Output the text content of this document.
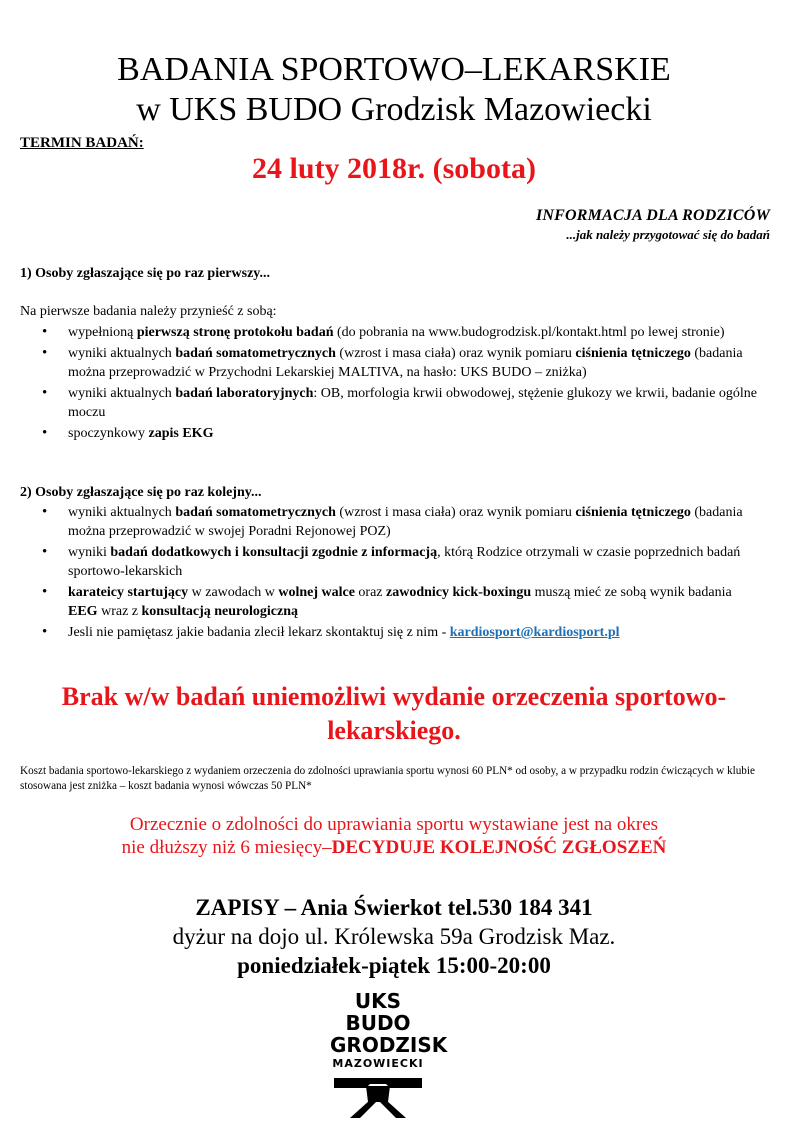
BADANIA SPORTOWO–LEKARSKIE
w UKS BUDO Grodzisk Mazowiecki
TERMIN BADAŃ:
24 luty 2018r. (sobota)
INFORMACJA DLA RODZICÓW
...jak należy przygotować się do badań
1) Osoby zgłaszające się po raz pierwszy...
Na pierwsze badania należy przynieść z sobą:
• wypełnioną pierwszą stronę protokołu badań (do pobrania na www.budogrodzisk.pl/kontakt.html po lewej stronie)
• wyniki aktualnych badań somatometrycznych (wzrost i masa ciała) oraz wynik pomiaru ciśnienia tętniczego (badania można przeprowadzić w Przychodni Lekarskiej MALTIVA, na hasło: UKS BUDO – zniżka)
• wyniki aktualnych badań laboratoryjnych: OB, morfologia krwii obwodowej, stężenie glukozy we krwii, badanie ogólne moczu
• spoczynkowy zapis EKG
2) Osoby zgłaszające się po raz kolejny...
• wyniki aktualnych badań somatometrycznych (wzrost i masa ciała) oraz wynik pomiaru ciśnienia tętniczego (badania można przeprowadzić w swojej Poradni Rejonowej POZ)
• wyniki badań dodatkowych i konsultacji zgodnie z informacją, którą Rodzice otrzymali w czasie poprzednich badań sportowo-lekarskich
• karateicy startujący w zawodach w wolnej walce oraz zawodnicy kick-boxingu muszą mieć ze sobą wynik badania EEG wraz z konsultacją neurologiczną
• Jesli nie pamiętasz jakie badania zlecił lekarz skontaktuj się z nim - kardiosport@kardiosport.pl
Brak w/w badań uniemożliwi wydanie orzeczenia sportowo-lekarskiego.
Koszt badania sportowo-lekarskiego z wydaniem orzeczenia do zdolności uprawiania sportu wynosi 60 PLN* od osoby, a w przypadku rodzin ćwiczących w klubie stosowana jest zniżka – koszt badania wynosi wówczas 50 PLN*
Orzecznie o zdolności do uprawiania sportu wystawiane jest na okres
nie dłuższy niż 6 miesięcy–DECYDUJE KOLEJNOŚĆ ZGŁOSZEŃ
ZAPISY – Ania Świerkot tel.530 184 341
dyżur na dojo ul. Królewska 59a Grodzisk Maz.
poniedziałek-piątek 15:00-20:00
UKS BUDO
GRODZISK
MAZOWIECKI
